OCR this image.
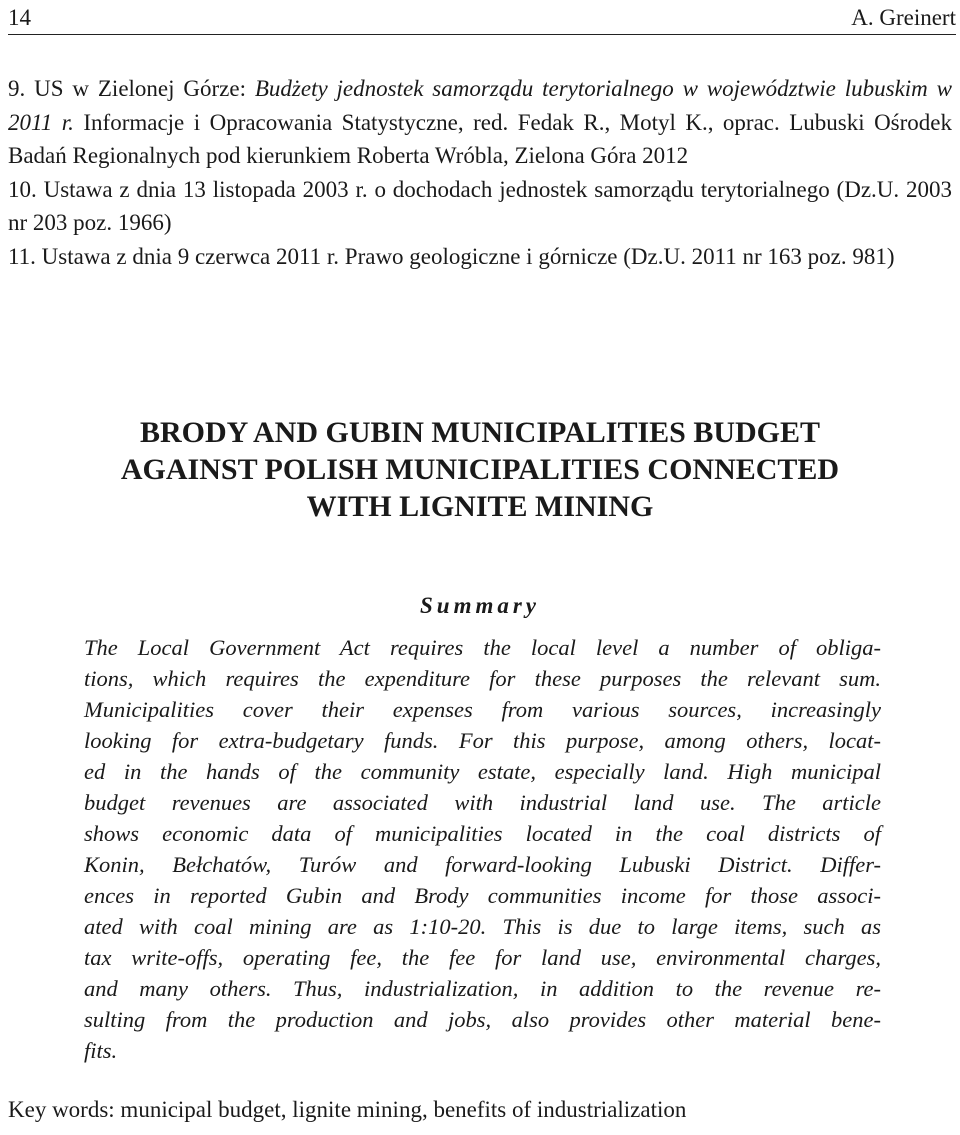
14	A. Greinert
9. US w Zielonej Górze: Budżety jednostek samorządu terytorialnego w województwie lubuskim w 2011 r. Informacje i Opracowania Statystyczne, red. Fedak R., Motyl K., oprac. Lubuski Ośrodek Badań Regionalnych pod kierunkiem Roberta Wróbla, Zielona Góra 2012
10. Ustawa z dnia 13 listopada 2003 r. o dochodach jednostek samorządu terytorialnego (Dz.U. 2003 nr 203 poz. 1966)
11. Ustawa z dnia 9 czerwca 2011 r. Prawo geologiczne i górnicze (Dz.U. 2011 nr 163 poz. 981)
BRODY AND GUBIN MUNICIPALITIES BUDGET
AGAINST POLISH MUNICIPALITIES CONNECTED
WITH LIGNITE MINING
Summary

The Local Government Act requires the local level a number of obliga-
tions, which requires the expenditure for these purposes the relevant sum.
Municipalities cover their expenses from various sources, increasingly
looking for extra-budgetary funds. For this purpose, among others, locat-
ed in the hands of the community estate, especially land. High municipal
budget revenues are associated with industrial land use. The article
shows economic data of municipalities located in the coal districts of
Konin, Bełchatów, Turów and forward-looking Lubuski District. Differ-
ences in reported Gubin and Brody communities income for those associ-
ated with coal mining are as 1:10-20. This is due to large items, such as
tax write-offs, operating fee, the fee for land use, environmental charges,
and many others. Thus, industrialization, in addition to the revenue re-
sulting from the production and jobs, also provides other material bene-
fits.

Key words: municipal budget, lignite mining, benefits of industrialization
